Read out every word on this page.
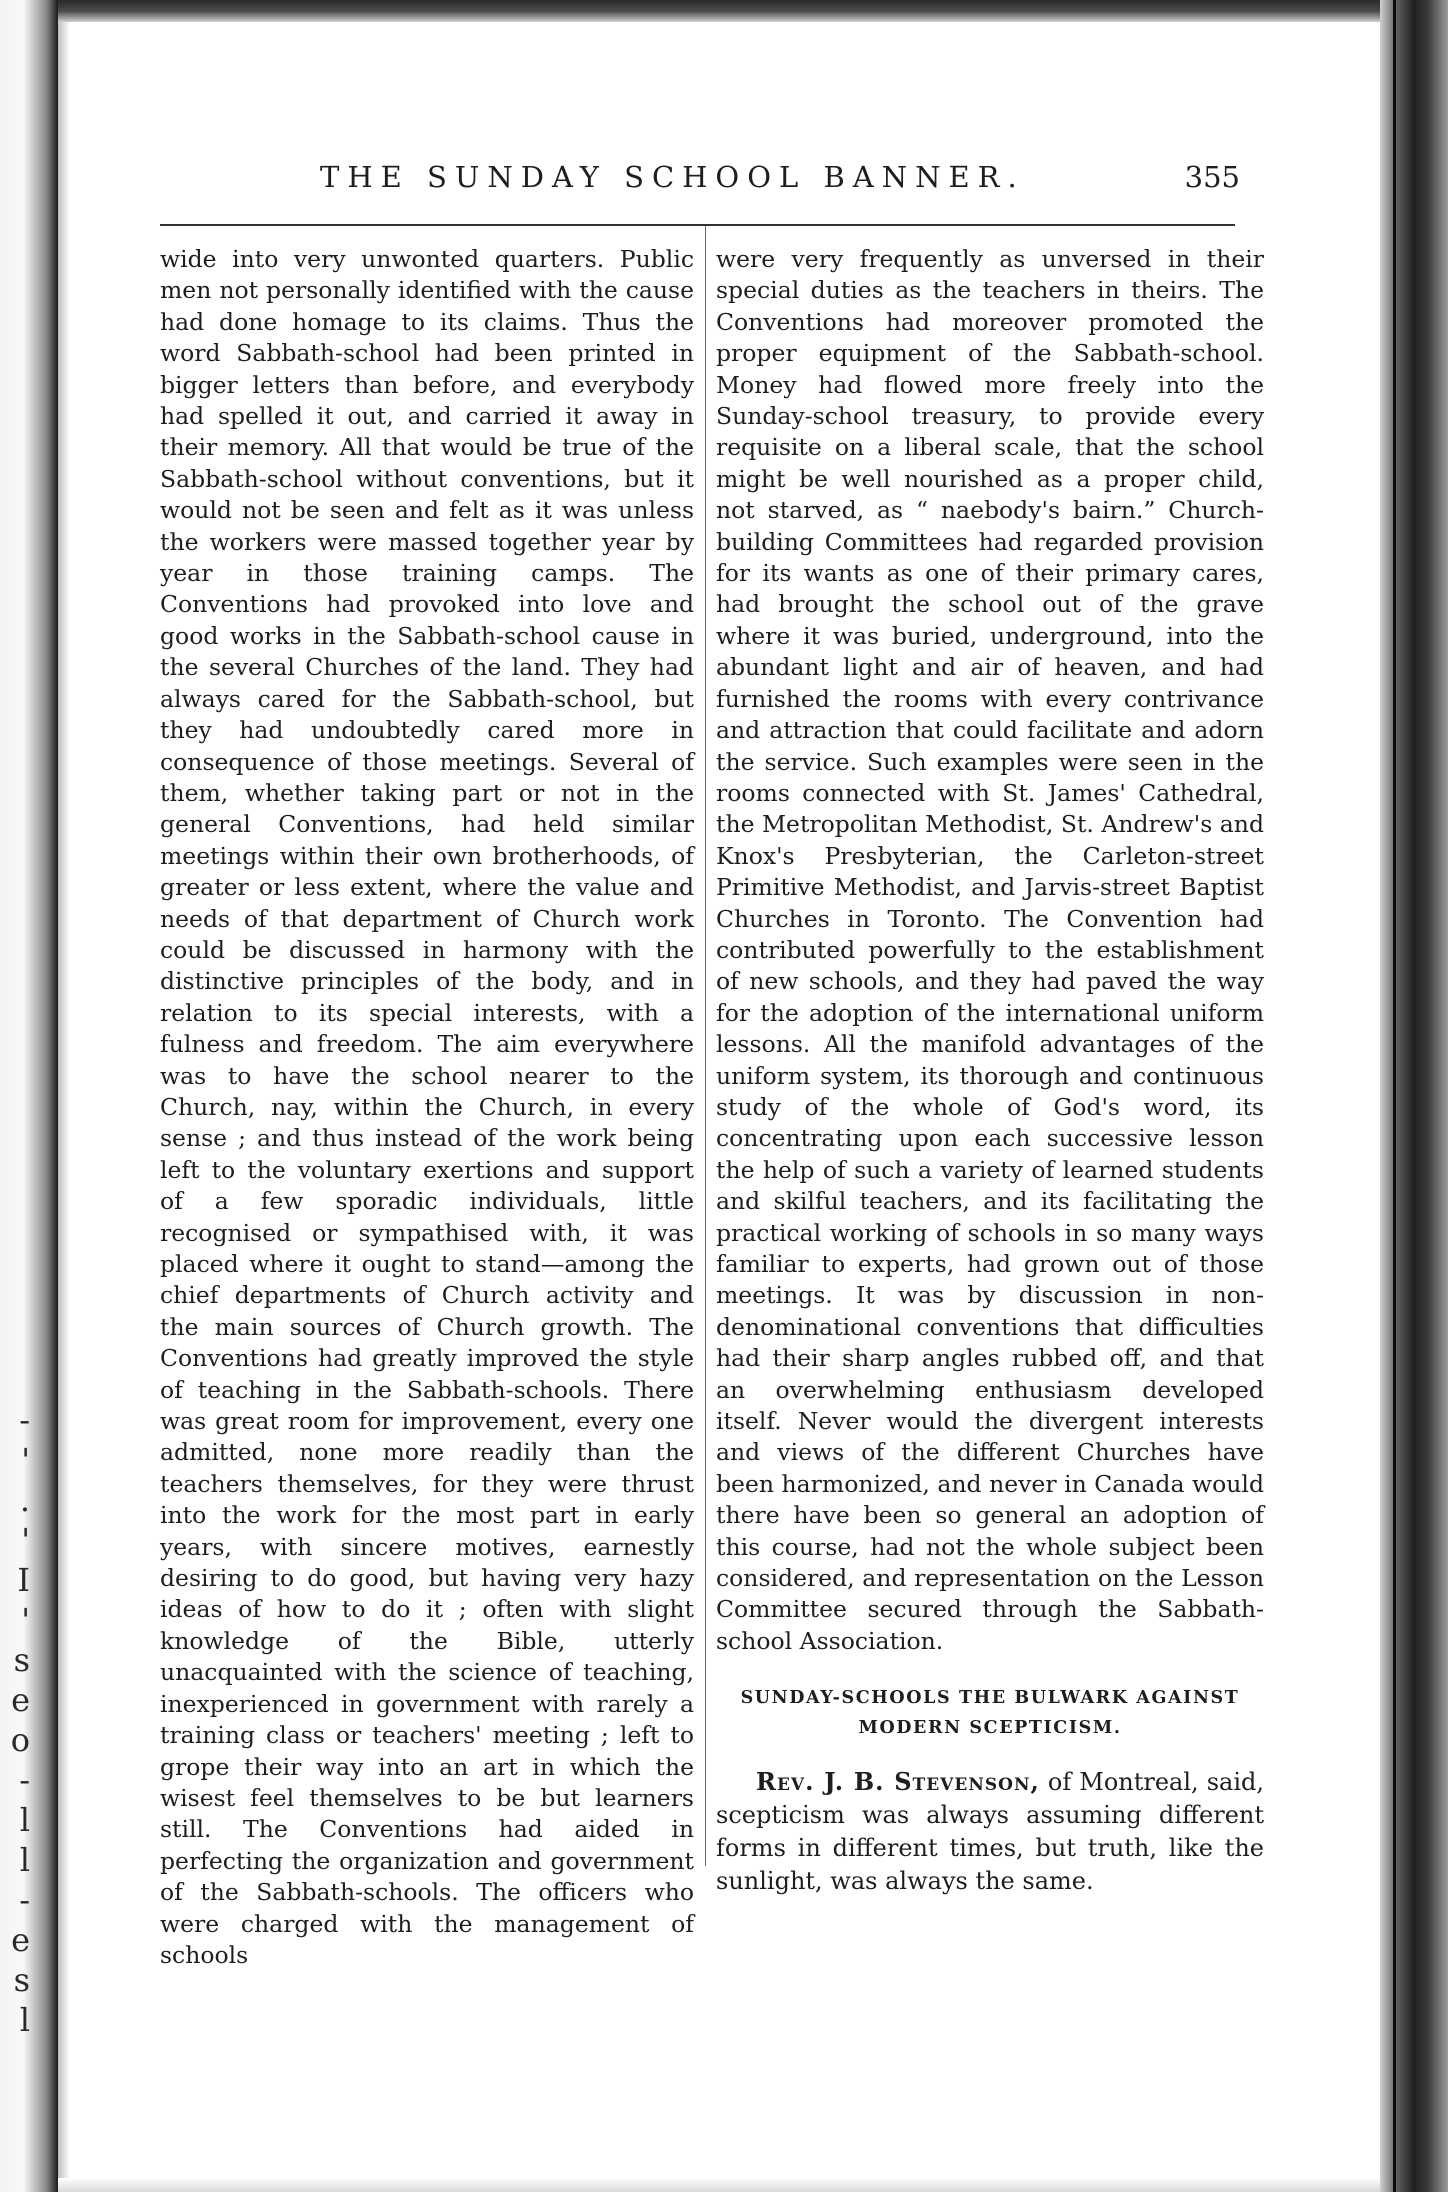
-
'
.
'
I
'
s
e
o
-
l
l
-
e
s
l
THE SUNDAY SCHOOL BANNER.	355

wide into very unwonted quarters. Public men not personally identified with the cause had done homage to its claims. Thus the word Sabbath-school had been printed in bigger letters than before, and everybody had spelled it out, and carried it away in their memory. All that would be true of the Sabbath-school without conventions, but it would not be seen and felt as it was unless the workers were massed together year by year in those training camps. The Conventions had provoked into love and good works in the Sabbath-school cause in the several Churches of the land. They had always cared for the Sabbath-school, but they had undoubtedly cared more in consequence of those meetings. Several of them, whether taking part or not in the general Conventions, had held similar meetings within their own brotherhoods, of greater or less extent, where the value and needs of that department of Church work could be discussed in harmony with the distinctive principles of the body, and in relation to its special interests, with a fulness and freedom. The aim everywhere was to have the school nearer to the Church, nay, within the Church, in every sense ; and thus instead of the work being left to the voluntary exertions and support of a few sporadic individuals, little recognised or sympathised with, it was placed where it ought to stand—among the chief departments of Church activity and the main sources of Church growth. The Conventions had greatly improved the style of teaching in the Sabbath-schools. There was great room for improvement, every one admitted, none more readily than the teachers themselves, for they were thrust into the work for the most part in early years, with sincere motives, earnestly desiring to do good, but having very hazy ideas of how to do it ; often with slight knowledge of the Bible, utterly unacquainted with the science of teaching, inexperienced in government with rarely a training class or teachers' meeting ; left to grope their way into an art in which the wisest feel themselves to be but learners still. The Conventions had aided in perfecting the organization and government of the Sabbath-schools. The officers who were charged with the management of schools

were very frequently as unversed in their special duties as the teachers in theirs. The Conventions had moreover promoted the proper equipment of the Sabbath-school. Money had flowed more freely into the Sunday-school treasury, to provide every requisite on a liberal scale, that the school might be well nourished as a proper child, not starved, as “ naebody's bairn.” Church-building Committees had regarded provision for its wants as one of their primary cares, had brought the school out of the grave where it was buried, underground, into the abundant light and air of heaven, and had furnished the rooms with every contrivance and attraction that could facilitate and adorn the service. Such examples were seen in the rooms connected with St. James' Cathedral, the Metropolitan Methodist, St. Andrew's and Knox's Presbyterian, the Carleton-street Primitive Methodist, and Jarvis-street Baptist Churches in Toronto. The Convention had contributed powerfully to the establishment of new schools, and they had paved the way for the adoption of the international uniform lessons. All the manifold advantages of the uniform system, its thorough and continuous study of the whole of God's word, its concentrating upon each successive lesson the help of such a variety of learned students and skilful teachers, and its facilitating the practical working of schools in so many ways familiar to experts, had grown out of those meetings. It was by discussion in non-denominational conventions that difficulties had their sharp angles rubbed off, and that an overwhelming enthusiasm developed itself. Never would the divergent interests and views of the different Churches have been harmonized, and never in Canada would there have been so general an adoption of this course, had not the whole subject been considered, and representation on the Lesson Committee secured through the Sabbath-school Association.

SUNDAY-SCHOOLS THE BULWARK AGAINST
MODERN SCEPTICISM.

Rev. J. B. Stevenson, of Montreal, said, scepticism was always assuming different forms in different times, but truth, like the sunlight, was always the same.
